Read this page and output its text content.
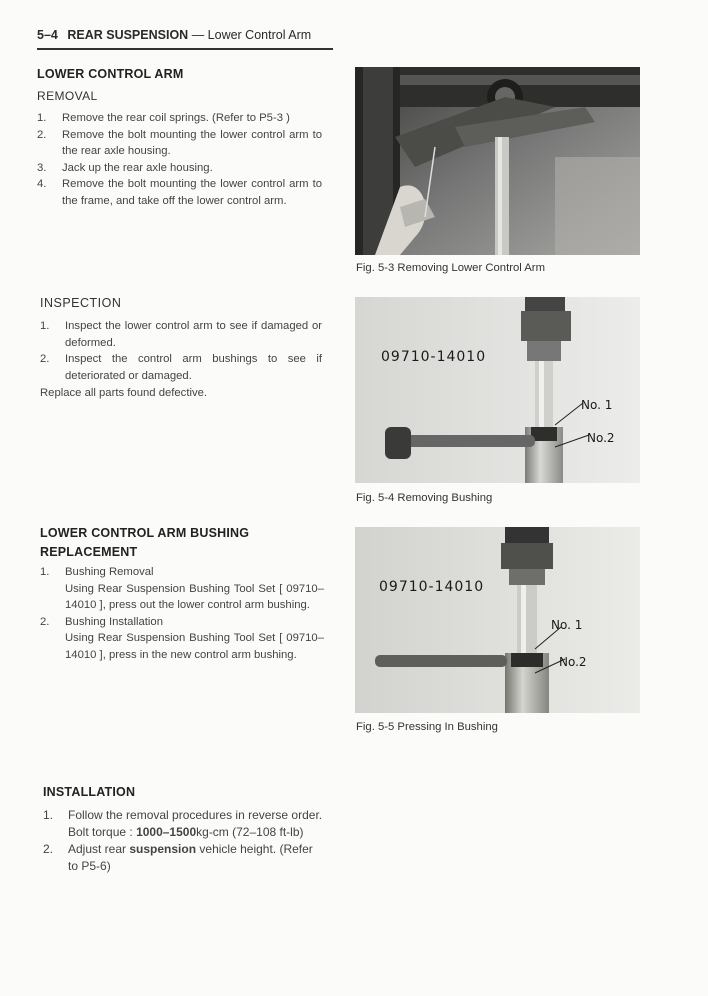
5–4 REAR SUSPENSION — Lower Control Arm
LOWER CONTROL ARM
REMOVAL
1. Remove the rear coil springs. (Refer to P5-3 )
2. Remove the bolt mounting the lower control arm to the rear axle housing.
3. Jack up the rear axle housing.
4. Remove the bolt mounting the lower control arm to the frame, and take off the lower control arm.
INSPECTION
1. Inspect the lower control arm to see if damaged or deformed.
2. Inspect the control arm bushings to see if deteriorated or damaged.
Replace all parts found defective.
LOWER CONTROL ARM BUSHING
REPLACEMENT
1. Bushing Removal
Using Rear Suspension Bushing Tool Set [ 09710–14010 ], press out the lower control arm bushing.
2. Bushing Installation
Using Rear Suspension Bushing Tool Set [ 09710–14010 ], press in the new control arm bushing.
INSTALLATION
1. Follow the removal procedures in reverse order.
Bolt torque : 1000–1500kg-cm (72–108 ft-lb)
2. Adjust rear suspension vehicle height. (Refer to P5-6)
Fig. 5-3 Removing Lower Control Arm
09710-14010
No. 1
No.2
Fig. 5-4 Removing Bushing
09710-14010
No. 1
No.2
Fig. 5-5 Pressing In Bushing
